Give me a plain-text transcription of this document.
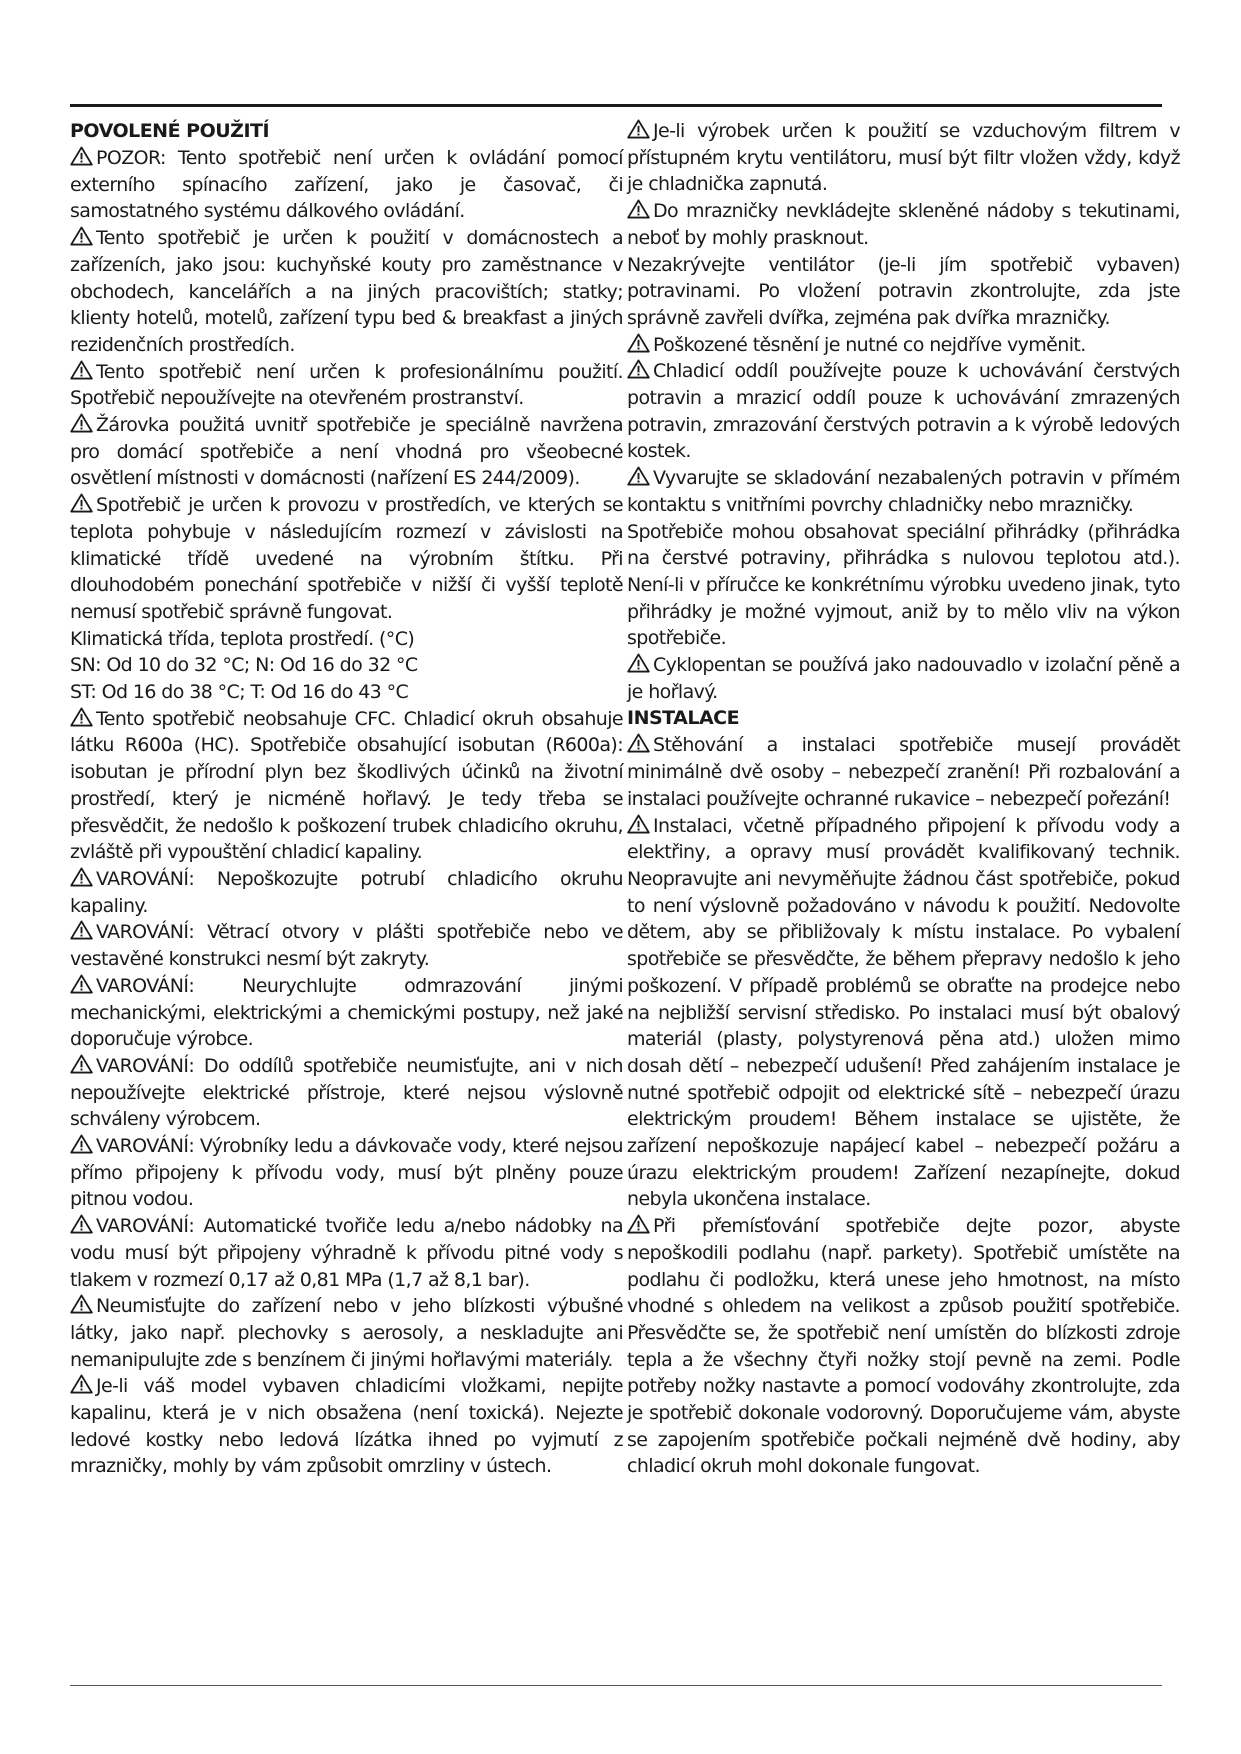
POVOLENÉ POUŽITÍ

POZOR: Tento spotřebič není určen k ovládání pomocí externího spínacího zařízení, jako je časovač, či samostatného systému dálkového ovládání.

Tento spotřebič je určen k použití v domácnostech a zařízeních, jako jsou: kuchyňské kouty pro zaměstnance v obchodech, kancelářích a na jiných pracovištích; statky; klienty hotelů, motelů, zařízení typu bed & breakfast a jiných rezidenčních prostředích.

Tento spotřebič není určen k profesionálnímu použití. Spotřebič nepoužívejte na otevřeném prostranství.

Žárovka použitá uvnitř spotřebiče je speciálně navržena pro domácí spotřebiče a není vhodná pro všeobecné osvětlení místnosti v domácnosti (nařízení ES 244/2009).

Spotřebič je určen k provozu v prostředích, ve kterých se teplota pohybuje v následujícím rozmezí v závislosti na klimatické třídě uvedené na výrobním štítku. Při dlouhodobém ponechání spotřebiče v nižší či vyšší teplotě nemusí spotřebič správně fungovat.

Klimatická třída, teplota prostředí. (°C)

SN: Od 10 do 32 °C; N: Od 16 do 32 °C

ST: Od 16 do 38 °C; T: Od 16 do 43 °C

Tento spotřebič neobsahuje CFC. Chladicí okruh obsahuje látku R600a (HC). Spotřebiče obsahující isobutan (R600a): isobutan je přírodní plyn bez škodlivých účinků na životní prostředí, který je nicméně hořlavý. Je tedy třeba se přesvědčit, že nedošlo k poškození trubek chladicího okruhu, zvláště při vypouštění chladicí kapaliny.

VAROVÁNÍ: Nepoškozujte potrubí chladicího okruhu kapaliny.

VAROVÁNÍ: Větrací otvory v plášti spotřebiče nebo ve vestavěné konstrukci nesmí být zakryty.

VAROVÁNÍ: Neurychlujte odmrazování jinými mechanickými, elektrickými a chemickými postupy, než jaké doporučuje výrobce.

VAROVÁNÍ: Do oddílů spotřebiče neumisťujte, ani v nich nepoužívejte elektrické přístroje, které nejsou výslovně schváleny výrobcem.

VAROVÁNÍ: Výrobníky ledu a dávkovače vody, které nejsou přímo připojeny k přívodu vody, musí být plněny pouze pitnou vodou.

VAROVÁNÍ: Automatické tvořiče ledu a/nebo nádobky na vodu musí být připojeny výhradně k přívodu pitné vody s tlakem v rozmezí 0,17 až 0,81 MPa (1,7 až 8,1 bar).

Neumisťujte do zařízení nebo v jeho blízkosti výbušné látky, jako např. plechovky s aerosoly, a neskladujte ani nemanipulujte zde s benzínem či jinými hořlavými materiály.

Je-li váš model vybaven chladicími vložkami, nepijte kapalinu, která je v nich obsažena (není toxická). Nejezte ledové kostky nebo ledová lízátka ihned po vyjmutí z mrazničky, mohly by vám způsobit omrzliny v ústech.

Je-li výrobek určen k použití se vzduchovým filtrem v přístupném krytu ventilátoru, musí být filtr vložen vždy, když je chladnička zapnutá.

Do mrazničky nevkládejte skleněné nádoby s tekutinami, neboť by mohly prasknout.

Nezakrývejte ventilátor (je-li jím spotřebič vybaven) potravinami. Po vložení potravin zkontrolujte, zda jste správně zavřeli dvířka, zejména pak dvířka mrazničky.

Poškozené těsnění je nutné co nejdříve vyměnit.

Chladicí oddíl používejte pouze k uchovávání čerstvých potravin a mrazicí oddíl pouze k uchovávání zmrazených potravin, zmrazování čerstvých potravin a k výrobě ledových kostek.

Vyvarujte se skladování nezabalených potravin v přímém kontaktu s vnitřními povrchy chladničky nebo mrazničky.

Spotřebiče mohou obsahovat speciální přihrádky (přihrádka na čerstvé potraviny, přihrádka s nulovou teplotou atd.). Není-li v příručce ke konkrétnímu výrobku uvedeno jinak, tyto přihrádky je možné vyjmout, aniž by to mělo vliv na výkon spotřebiče.

Cyklopentan se používá jako nadouvadlo v izolační pěně a je hořlavý.

INSTALACE

Stěhování a instalaci spotřebiče musejí provádět minimálně dvě osoby – nebezpečí zranění! Při rozbalování a instalaci používejte ochranné rukavice – nebezpečí pořezání!

Instalaci, včetně případného připojení k přívodu vody a elektřiny, a opravy musí provádět kvalifikovaný technik. Neopravujte ani nevyměňujte žádnou část spotřebiče, pokud to není výslovně požadováno v návodu k použití. Nedovolte dětem, aby se přibližovaly k místu instalace. Po vybalení spotřebiče se přesvědčte, že během přepravy nedošlo k jeho poškození. V případě problémů se obraťte na prodejce nebo na nejbližší servisní středisko. Po instalaci musí být obalový materiál (plasty, polystyrenová pěna atd.) uložen mimo dosah dětí – nebezpečí udušení! Před zahájením instalace je nutné spotřebič odpojit od elektrické sítě – nebezpečí úrazu elektrickým proudem! Během instalace se ujistěte, že zařízení nepoškozuje napájecí kabel – nebezpečí požáru a úrazu elektrickým proudem! Zařízení nezapínejte, dokud nebyla ukončena instalace.

Při přemísťování spotřebiče dejte pozor, abyste nepoškodili podlahu (např. parkety). Spotřebič umístěte na podlahu či podložku, která unese jeho hmotnost, na místo vhodné s ohledem na velikost a způsob použití spotřebiče. Přesvědčte se, že spotřebič není umístěn do blízkosti zdroje tepla a že všechny čtyři nožky stojí pevně na zemi. Podle potřeby nožky nastavte a pomocí vodováhy zkontrolujte, zda je spotřebič dokonale vodorovný. Doporučujeme vám, abyste se zapojením spotřebiče počkali nejméně dvě hodiny, aby chladicí okruh mohl dokonale fungovat.
